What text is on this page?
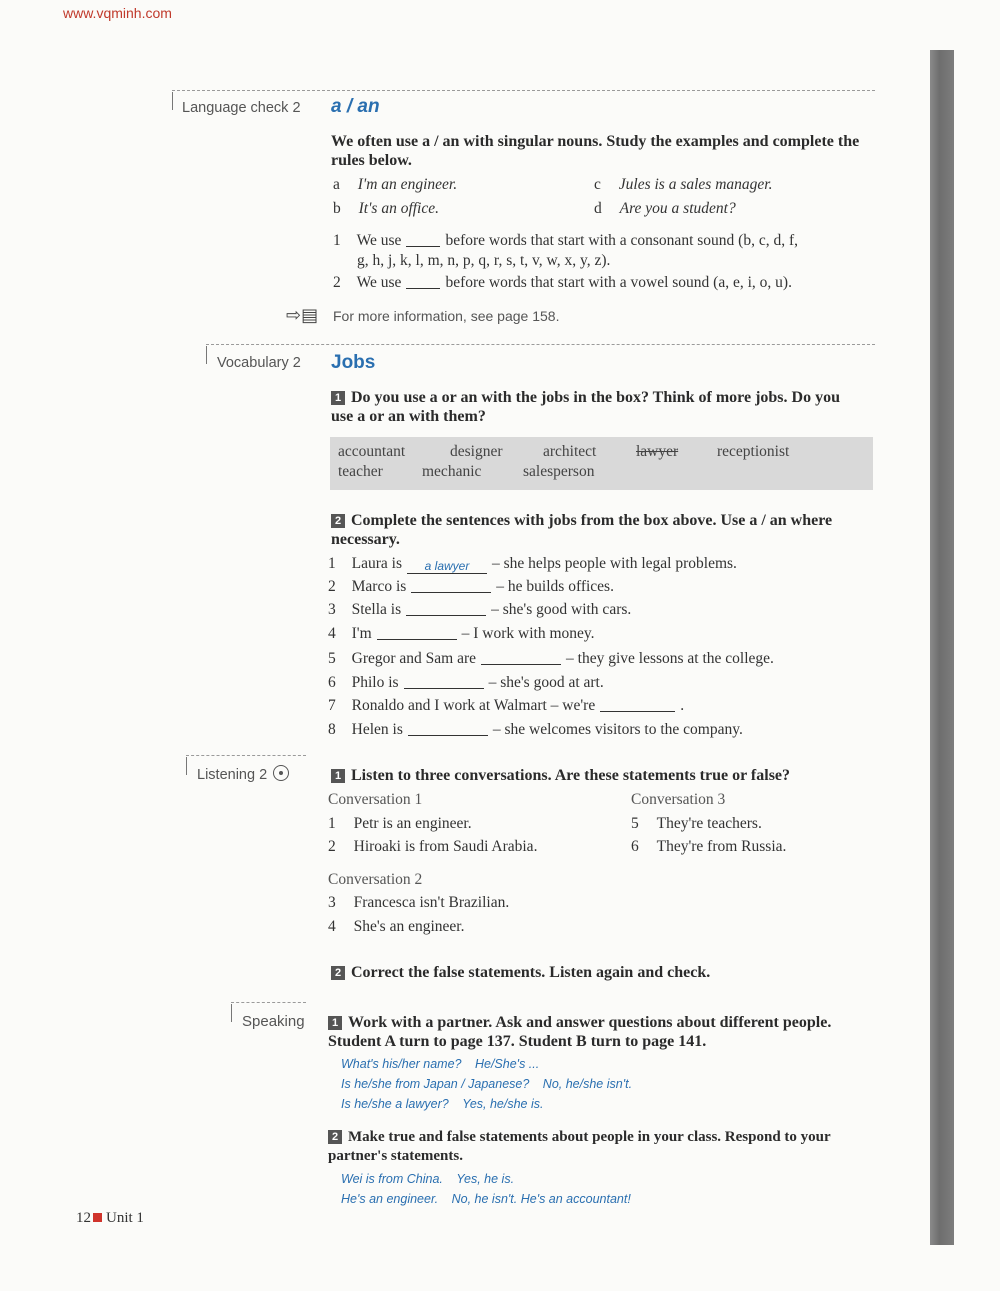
www.vqminh.com
Language check 2 a / an
We often use a / an with singular nouns. Study the examples and complete the rules below.
a I'm an engineer.
b It's an office.
c Jules is a sales manager.
d Are you a student?
1 We use	before words that start with a consonant sound (b, c, d, f,
g, h, j, k, l, m, n, p, q, r, s, t, v, w, x, y, z).
2 We use	before words that start with a vowel sound (a, e, i, o, u).
⇨▤ For more information, see page 158.
Vocabulary 2 Jobs
1 Do you use a or an with the jobs in the box? Think of more jobs. Do you use a or an with them?
accountant	designer	architect	lawyer	receptionist
teacher	mechanic	salesperson
2 Complete the sentences with jobs from the box above. Use a / an where necessary.
1 Laura is a lawyer – she helps people with legal problems.
2 Marco is	– he builds offices.
3 Stella is	– she's good with cars.
4 I'm	– I work with money.
5 Gregor and Sam are	– they give lessons at the college.
6 Philo is	– she's good at art.
7 Ronaldo and I work at Walmart – we're	.
8 Helen is	– she welcomes visitors to the company.
Listening 2	1 Listen to three conversations. Are these statements true or false?
Conversation 1
1 Petr is an engineer.
2 Hiroaki is from Saudi Arabia.
Conversation 3
5 They're teachers.
6 They're from Russia.
Conversation 2
3 Francesca isn't Brazilian.
4 She's an engineer.
2 Correct the false statements. Listen again and check.
Speaking	1 Work with a partner. Ask and answer questions about different people. Student A turn to page 137. Student B turn to page 141.
What's his/her name? He/She's ...
Is he/she from Japan / Japanese? No, he/she isn't.
Is he/she a lawyer? Yes, he/she is.
2 Make true and false statements about people in your class. Respond to your partner's statements.
Wei is from China. Yes, he is.
He's an engineer. No, he isn't. He's an accountant!
12 Unit 1
